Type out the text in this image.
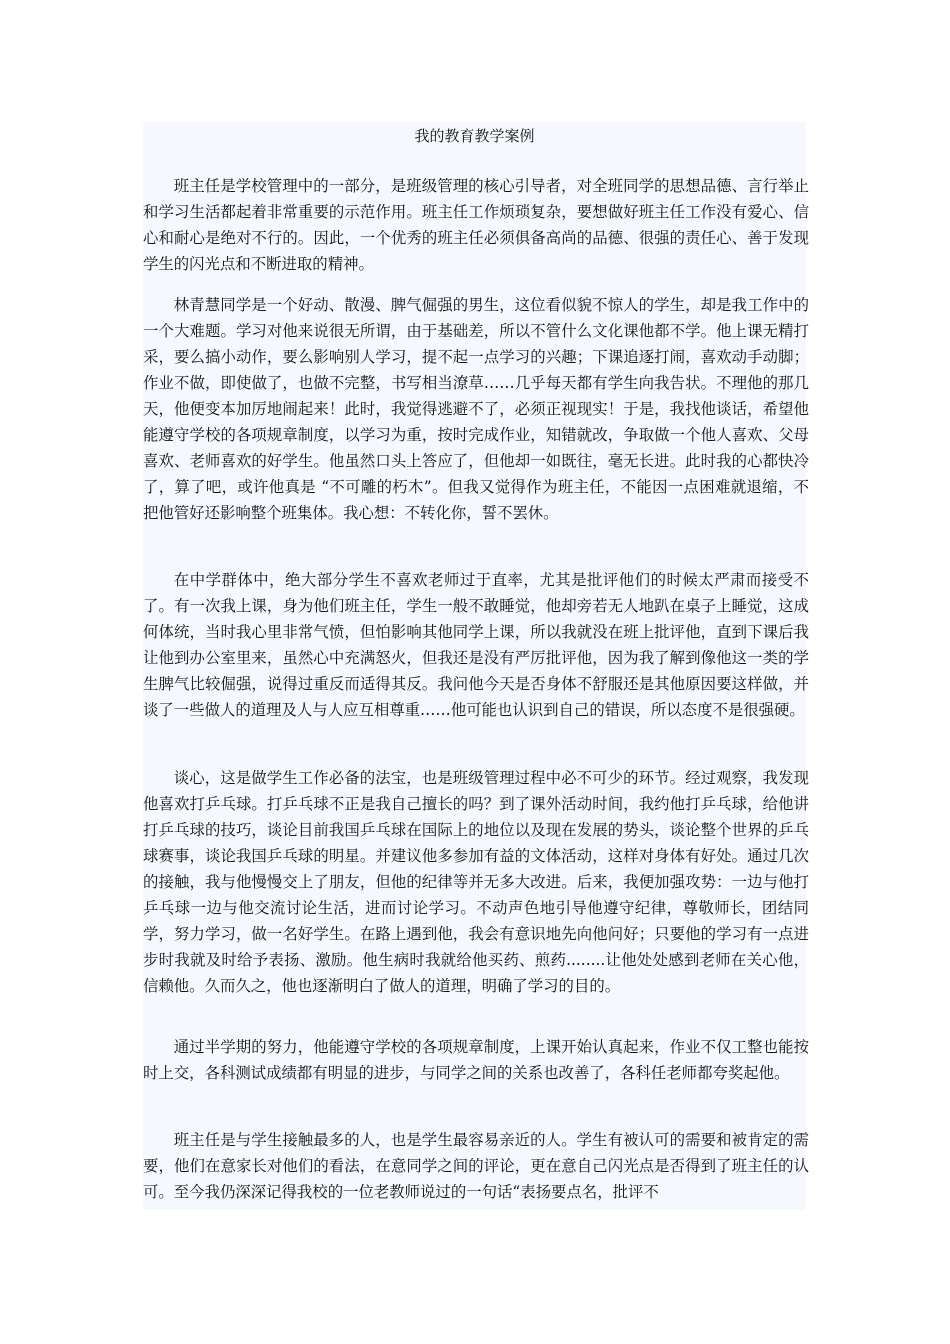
我的教育教学案例

班主任是学校管理中的一部分，是班级管理的核心引导者，对全班同学的思想品德、言行举止和学习生活都起着非常重要的示范作用。班主任工作烦琐复杂，要想做好班主任工作没有爱心、信心和耐心是绝对不行的。因此，一个优秀的班主任必须俱备高尚的品德、很强的责任心、善于发现学生的闪光点和不断进取的精神。

林青慧同学是一个好动、散漫、脾气倔强的男生，这位看似貌不惊人的学生，却是我工作中的一个大难题。学习对他来说很无所谓，由于基础差，所以不管什么文化课他都不学。他上课无精打采，要么搞小动作，要么影响别人学习，提不起一点学习的兴趣；下课追逐打闹，喜欢动手动脚；作业不做，即使做了，也做不完整，书写相当潦草……几乎每天都有学生向我告状。不理他的那几天，他便变本加厉地闹起来！此时，我觉得逃避不了，必须正视现实！于是，我找他谈话，希望他能遵守学校的各项规章制度，以学习为重，按时完成作业，知错就改，争取做一个他人喜欢、父母喜欢、老师喜欢的好学生。他虽然口头上答应了，但他却一如既往，毫无长进。此时我的心都快冷了，算了吧，或许他真是 “不可雕的朽木”。但我又觉得作为班主任，不能因一点困难就退缩，不把他管好还影响整个班集体。我心想：不转化你，誓不罢休。

在中学群体中，绝大部分学生不喜欢老师过于直率，尤其是批评他们的时候太严肃而接受不了。有一次我上课，身为他们班主任，学生一般不敢睡觉，他却旁若无人地趴在桌子上睡觉，这成何体统，当时我心里非常气愤，但怕影响其他同学上课，所以我就没在班上批评他，直到下课后我让他到办公室里来，虽然心中充满怒火，但我还是没有严厉批评他，因为我了解到像他这一类的学生脾气比较倔强，说得过重反而适得其反。我问他今天是否身体不舒服还是其他原因要这样做，并谈了一些做人的道理及人与人应互相尊重……他可能也认识到自己的错误，所以态度不是很强硬。

谈心，这是做学生工作必备的法宝，也是班级管理过程中必不可少的环节。经过观察，我发现他喜欢打乒乓球。打乒乓球不正是我自己擅长的吗？到了课外活动时间，我约他打乒乓球，给他讲打乒乓球的技巧，谈论目前我国乒乓球在国际上的地位以及现在发展的势头，谈论整个世界的乒乓球赛事，谈论我国乒乓球的明星。并建议他多参加有益的文体活动，这样对身体有好处。通过几次的接触，我与他慢慢交上了朋友，但他的纪律等并无多大改进。后来，我便加强攻势：一边与他打乒乓球一边与他交流讨论生活，进而讨论学习。不动声色地引导他遵守纪律，尊敬师长，团结同学，努力学习，做一名好学生。在路上遇到他，我会有意识地先向他问好；只要他的学习有一点进步时我就及时给予表扬、激励。他生病时我就给他买药、煎药........让他处处感到老师在关心他，信赖他。久而久之，他也逐渐明白了做人的道理，明确了学习的目的。

通过半学期的努力，他能遵守学校的各项规章制度，上课开始认真起来，作业不仅工整也能按时上交，各科测试成绩都有明显的进步，与同学之间的关系也改善了，各科任老师都夸奖起他。

班主任是与学生接触最多的人，也是学生最容易亲近的人。学生有被认可的需要和被肯定的需要，他们在意家长对他们的看法，在意同学之间的评论，更在意自己闪光点是否得到了班主任的认可。至今我仍深深记得我校的一位老教师说过的一句话“表扬要点名，批评不
